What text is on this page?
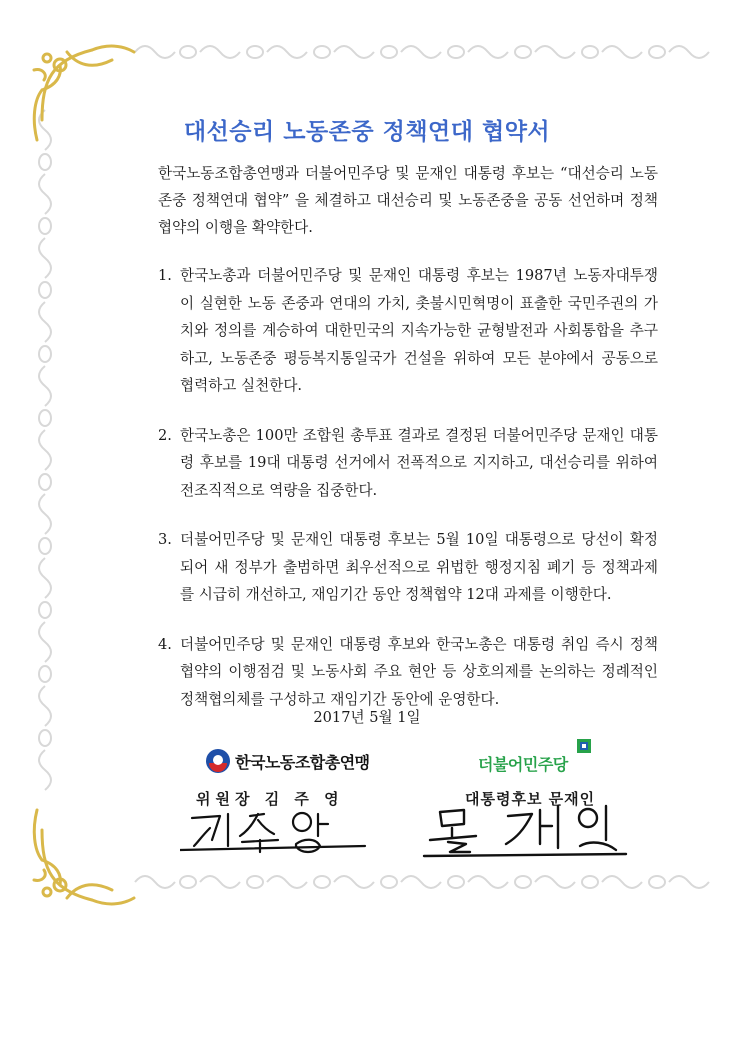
대선승리 노동존중 정책연대 협약서
한국노동조합총연맹과 더불어민주당 및 문재인 대통령 후보는 “대선승리 노동존중 정책연대 협약” 을 체결하고 대선승리 및 노동존중을 공동 선언하며 정책협약의 이행을 확약한다.
1. 한국노총과 더불어민주당 및 문재인 대통령 후보는 1987년 노동자대투쟁이 실현한 노동 존중과 연대의 가치, 촛불시민혁명이 표출한 국민주권의 가치와 정의를 계승하여 대한민국의 지속가능한 균형발전과 사회통합을 추구하고, 노동존중 평등복지통일국가 건설을 위하여 모든 분야에서 공동으로 협력하고 실천한다.
2. 한국노총은 100만 조합원 총투표 결과로 결정된 더불어민주당 문재인 대통령 후보를 19대 대통령 선거에서 전폭적으로 지지하고, 대선승리를 위하여 전조직적으로 역량을 집중한다.
3. 더불어민주당 및 문재인 대통령 후보는 5월 10일 대통령으로 당선이 확정되어 새 정부가 출범하면 최우선적으로 위법한 행정지침 폐기 등 정책과제를 시급히 개선하고, 재임기간 동안 정책협약 12대 과제를 이행한다.
4. 더불어민주당 및 문재인 대통령 후보와 한국노총은 대통령 취임 즉시 정책협약의 이행점검 및 노동사회 주요 현안 등 상호의제를 논의하는 정례적인 정책협의체를 구성하고 재임기간 동안에 운영한다.
2017년 5월 1일
한국노동조합총연맹
위원장 김 주 영
더불어민주당
대통령후보 문재인
